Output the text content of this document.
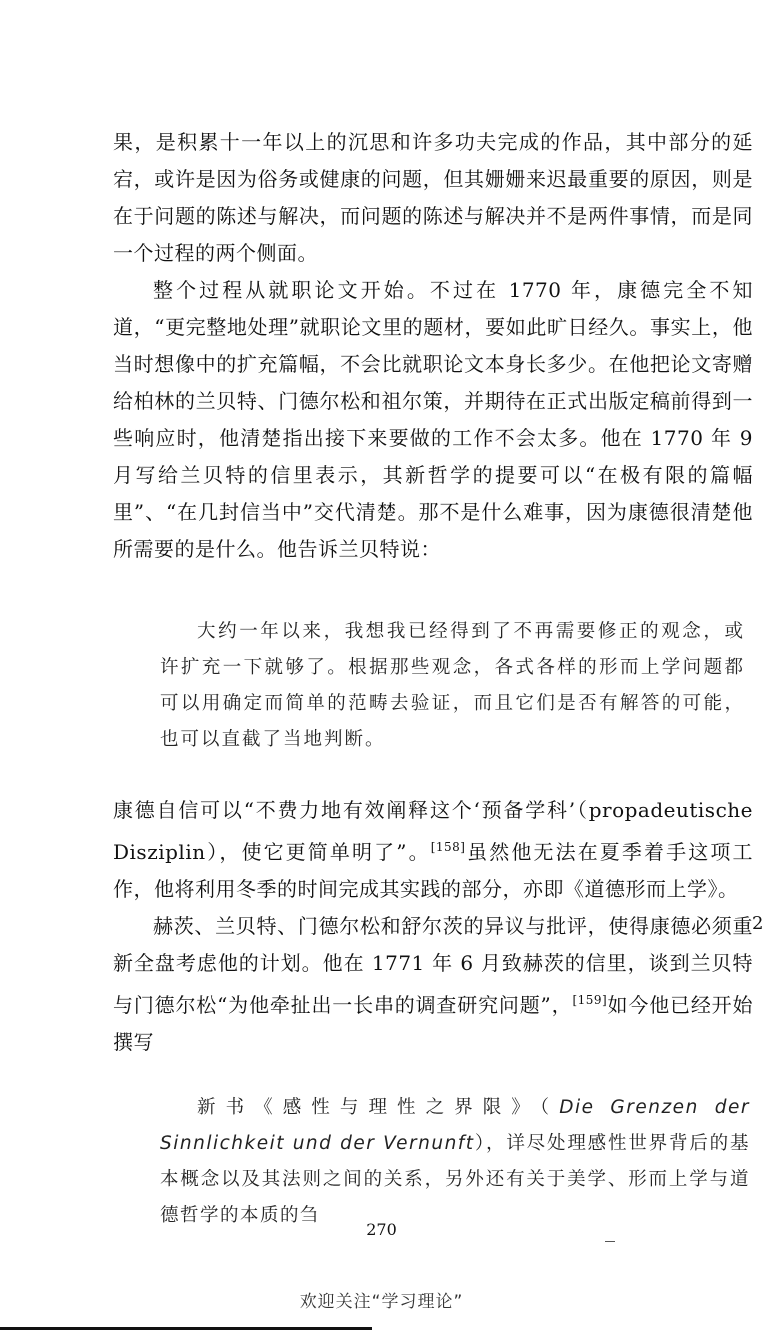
果，是积累十一年以上的沉思和许多功夫完成的作品，其中部分的延宕，或许是因为俗务或健康的问题，但其姗姗来迟最重要的原因，则是在于问题的陈述与解决，而问题的陈述与解决并不是两件事情，而是同一个过程的两个侧面。

整个过程从就职论文开始。不过在 1770 年，康德完全不知道，“更完整地处理”就职论文里的题材，要如此旷日经久。事实上，他当时想像中的扩充篇幅，不会比就职论文本身长多少。在他把论文寄赠给柏林的兰贝特、门德尔松和祖尔策，并期待在正式出版定稿前得到一些响应时，他清楚指出接下来要做的工作不会太多。他在 1770 年 9 月写给兰贝特的信里表示，其新哲学的提要可以“在极有限的篇幅里”、“在几封信当中”交代清楚。那不是什么难事，因为康德很清楚他所需要的是什么。他告诉兰贝特说：

大约一年以来，我想我已经得到了不再需要修正的观念，或许扩充一下就够了。根据那些观念，各式各样的形而上学问题都可以用确定而简单的范畴去验证，而且它们是否有解答的可能，也可以直截了当地判断。

康德自信可以“不费力地有效阐释这个‘预备学科’（propadeutische Disziplin），使它更简单明了”。[158]虽然他无法在夏季着手这项工作，他将利用冬季的时间完成其实践的部分，亦即《道德形而上学》。

赫茨、兰贝特、门德尔松和舒尔茨的异议与批评，使得康德必须重新全盘考虑他的计划。他在 1771 年 6 月致赫茨的信里，谈到兰贝特与门德尔松“为他牵扯出一长串的调查研究问题”，[159]如今他已经开始撰写

新书《感性与理性之界限》（Die Grenzen der Sinnlichkeit und der Vernunft），详尽处理感性世界背后的基本概念以及其法则之间的关系，另外还有关于美学、形而上学与道德哲学的本质的刍

2
270
欢迎关注“学习理论”
